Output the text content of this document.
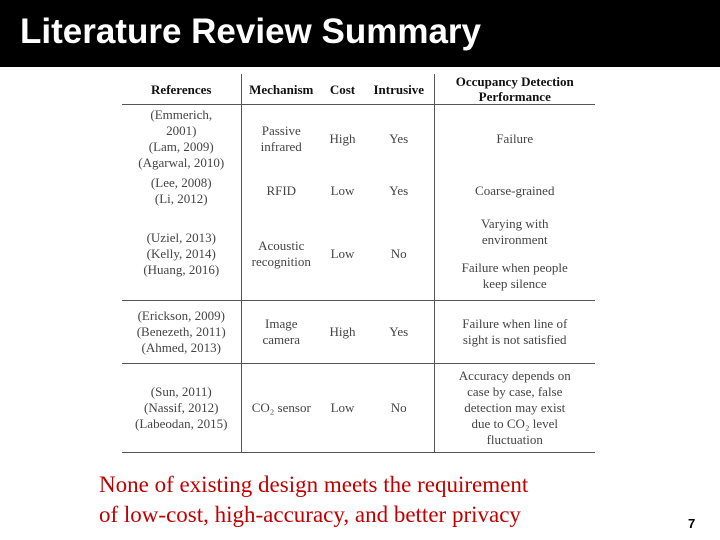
Literature Review Summary
References	Mechanism	Cost	Intrusive	Occupancy Detection
Performance

(Emmerich,
2001)
(Lam, 2009)
(Agarwal, 2010)	Passive
infrared	High	Yes	Failure

(Lee, 2008)
(Li, 2012)	RFID	Low	Yes	Coarse-grained

(Uziel, 2013)
(Kelly, 2014)
(Huang, 2016)	Acoustic
recognition	Low	No	Varying with
environment
Failure when people
keep silence

(Erickson, 2009)
(Benezeth, 2011)
(Ahmed, 2013)	Image
camera	High	Yes	Failure when line of
sight is not satisfied

(Sun, 2011)
(Nassif, 2012)
(Labeodan, 2015)	CO₂ sensor	Low	No	Accuracy depends on
case by case, false
detection may exist
due to CO₂ level
fluctuation
None of existing design meets the requirement
of low-cost, high-accuracy, and better privacy	7
